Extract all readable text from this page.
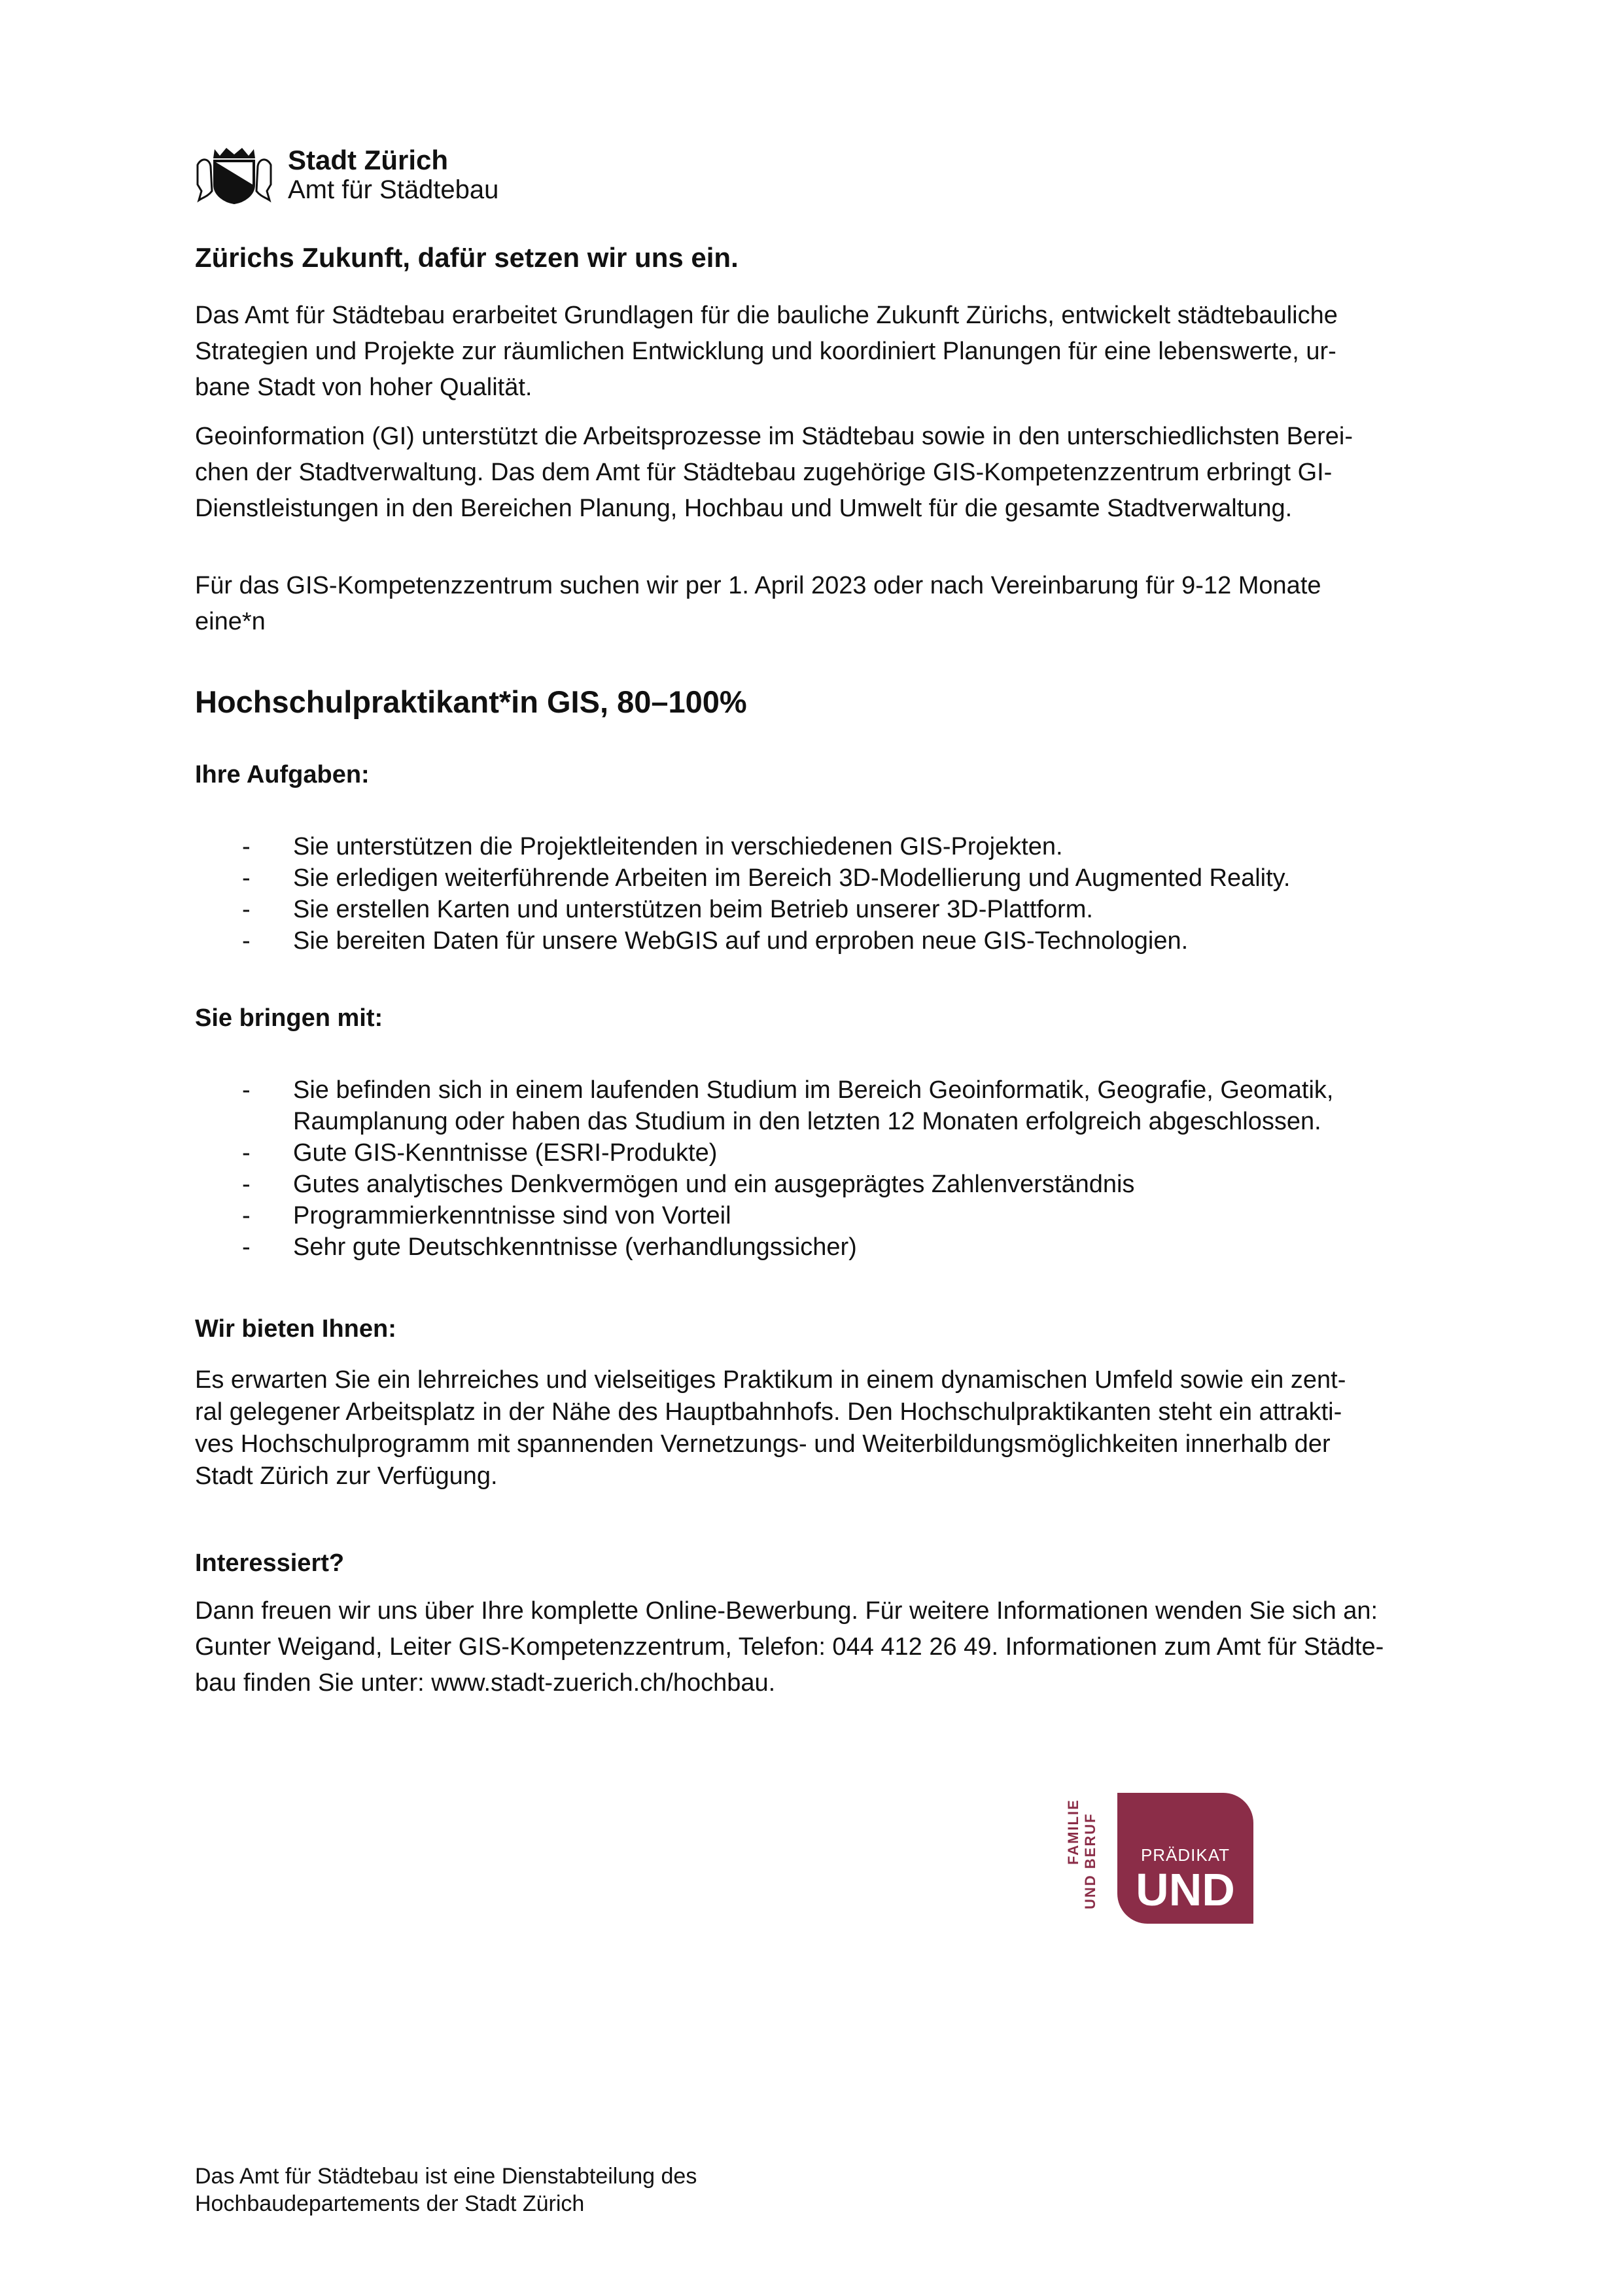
Stadt Zürich
Amt für Städtebau
Zürichs Zukunft, dafür setzen wir uns ein.

Das Amt für Städtebau erarbeitet Grundlagen für die bauliche Zukunft Zürichs, entwickelt städtebauliche
Strategien und Projekte zur räumlichen Entwicklung und koordiniert Planungen für eine lebenswerte, ur-
bane Stadt von hoher Qualität.

Geoinformation (GI) unterstützt die Arbeitsprozesse im Städtebau sowie in den unterschiedlichsten Berei-
chen der Stadtverwaltung. Das dem Amt für Städtebau zugehörige GIS-Kompetenzzentrum erbringt GI-
Dienstleistungen in den Bereichen Planung, Hochbau und Umwelt für die gesamte Stadtverwaltung.

Für das GIS-Kompetenzzentrum suchen wir per 1. April 2023 oder nach Vereinbarung für 9-12 Monate
eine*n

Hochschulpraktikant*in GIS, 80–100%
Ihre Aufgaben:
- Sie unterstützen die Projektleitenden in verschiedenen GIS-Projekten.
- Sie erledigen weiterführende Arbeiten im Bereich 3D-Modellierung und Augmented Reality.
- Sie erstellen Karten und unterstützen beim Betrieb unserer 3D-Plattform.
- Sie bereiten Daten für unsere WebGIS auf und erproben neue GIS-Technologien.
Sie bringen mit:
- Sie befinden sich in einem laufenden Studium im Bereich Geoinformatik, Geografie, Geomatik,
Raumplanung oder haben das Studium in den letzten 12 Monaten erfolgreich abgeschlossen.
- Gute GIS-Kenntnisse (ESRI-Produkte)
- Gutes analytisches Denkvermögen und ein ausgeprägtes Zahlenverständnis
- Programmierkenntnisse sind von Vorteil
- Sehr gute Deutschkenntnisse (verhandlungssicher)
Wir bieten Ihnen:

Es erwarten Sie ein lehrreiches und vielseitiges Praktikum in einem dynamischen Umfeld sowie ein zent-
ral gelegener Arbeitsplatz in der Nähe des Hauptbahnhofs. Den Hochschulpraktikanten steht ein attrakti-
ves Hochschulprogramm mit spannenden Vernetzungs- und Weiterbildungsmöglichkeiten innerhalb der
Stadt Zürich zur Verfügung.

Interessiert?

Dann freuen wir uns über Ihre komplette Online-Bewerbung. Für weitere Informationen wenden Sie sich an:
Gunter Weigand, Leiter GIS-Kompetenzzentrum, Telefon: 044 412 26 49. Informationen zum Amt für Städte-
bau finden Sie unter: www.stadt-zuerich.ch/hochbau.

FAMILIE UND BERUF	PRÄDIKAT
UND

Das Amt für Städtebau ist eine Dienstabteilung des
Hochbaudepartements der Stadt Zürich
